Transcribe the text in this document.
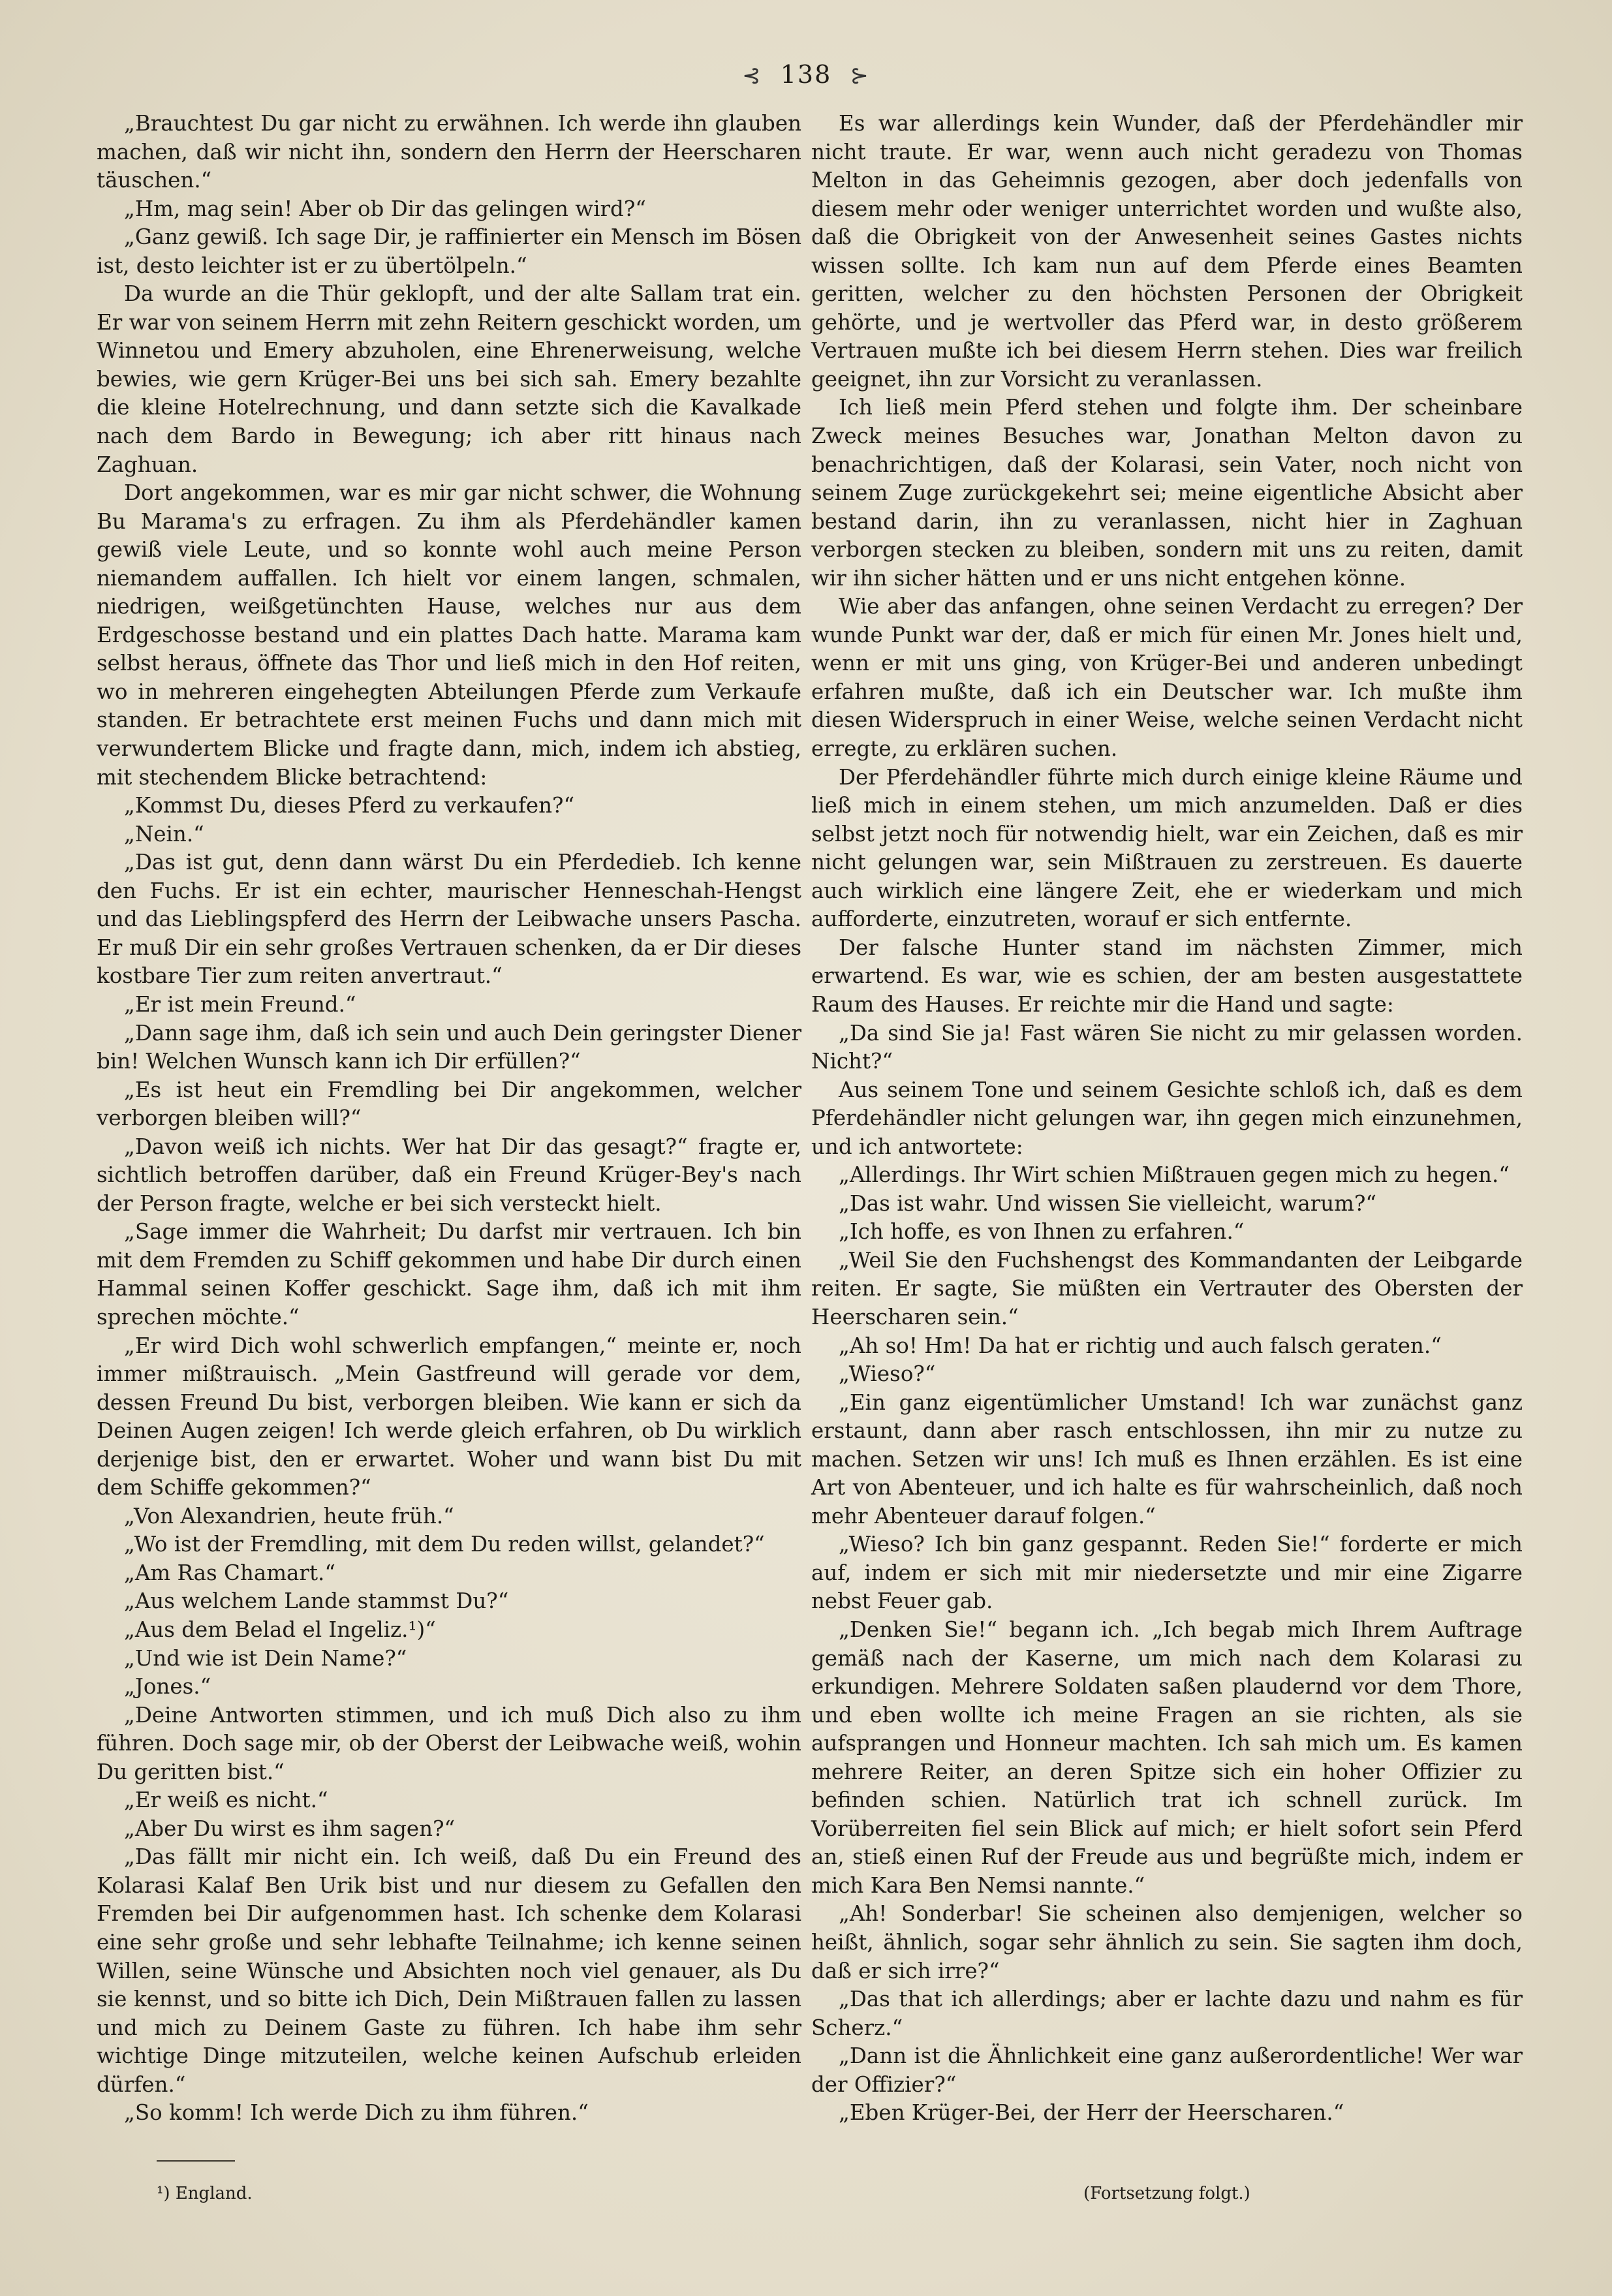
⊰ 138 ⊱

„Brauchtest Du gar nicht zu erwähnen. Ich werde ihn glauben machen, daß wir nicht ihn, sondern den Herrn der Heerscharen täuschen.“

„Hm, mag sein! Aber ob Dir das gelingen wird?“

„Ganz gewiß. Ich sage Dir, je raffinierter ein Mensch im Bösen ist, desto leichter ist er zu übertölpeln.“

Da wurde an die Thür geklopft, und der alte Sallam trat ein. Er war von seinem Herrn mit zehn Reitern geschickt worden, um Winnetou und Emery abzuholen, eine Ehrenerweisung, welche bewies, wie gern Krüger-Bei uns bei sich sah. Emery bezahlte die kleine Hotelrechnung, und dann setzte sich die Kavalkade nach dem Bardo in Bewegung; ich aber ritt hinaus nach Zaghuan.

Dort angekommen, war es mir gar nicht schwer, die Wohnung Bu Marama's zu erfragen. Zu ihm als Pferdehändler kamen gewiß viele Leute, und so konnte wohl auch meine Person niemandem auffallen. Ich hielt vor einem langen, schmalen, niedrigen, weißgetünchten Hause, welches nur aus dem Erdgeschosse bestand und ein plattes Dach hatte. Marama kam selbst heraus, öffnete das Thor und ließ mich in den Hof reiten, wo in mehreren eingehegten Abteilungen Pferde zum Verkaufe standen. Er betrachtete erst meinen Fuchs und dann mich mit verwundertem Blicke und fragte dann, mich, indem ich abstieg, mit stechendem Blicke betrachtend:

„Kommst Du, dieses Pferd zu verkaufen?“

„Nein.“

„Das ist gut, denn dann wärst Du ein Pferdedieb. Ich kenne den Fuchs. Er ist ein echter, maurischer Henneschah-Hengst und das Lieblingspferd des Herrn der Leibwache unsers Pascha. Er muß Dir ein sehr großes Vertrauen schenken, da er Dir dieses kostbare Tier zum reiten anvertraut.“

„Er ist mein Freund.“

„Dann sage ihm, daß ich sein und auch Dein geringster Diener bin! Welchen Wunsch kann ich Dir erfüllen?“

„Es ist heut ein Fremdling bei Dir angekommen, welcher verborgen bleiben will?“

„Davon weiß ich nichts. Wer hat Dir das gesagt?“ fragte er, sichtlich betroffen darüber, daß ein Freund Krüger-Bey's nach der Person fragte, welche er bei sich versteckt hielt.

„Sage immer die Wahrheit; Du darfst mir vertrauen. Ich bin mit dem Fremden zu Schiff gekommen und habe Dir durch einen Hammal seinen Koffer geschickt. Sage ihm, daß ich mit ihm sprechen möchte.“

„Er wird Dich wohl schwerlich empfangen,“ meinte er, noch immer mißtrauisch. „Mein Gastfreund will gerade vor dem, dessen Freund Du bist, verborgen bleiben. Wie kann er sich da Deinen Augen zeigen! Ich werde gleich erfahren, ob Du wirklich derjenige bist, den er erwartet. Woher und wann bist Du mit dem Schiffe gekommen?“

„Von Alexandrien, heute früh.“

„Wo ist der Fremdling, mit dem Du reden willst, gelandet?“

„Am Ras Chamart.“

„Aus welchem Lande stammst Du?“

„Aus dem Belad el Ingeliz.¹)“

„Und wie ist Dein Name?“

„Jones.“

„Deine Antworten stimmen, und ich muß Dich also zu ihm führen. Doch sage mir, ob der Oberst der Leibwache weiß, wohin Du geritten bist.“

„Er weiß es nicht.“

„Aber Du wirst es ihm sagen?“

„Das fällt mir nicht ein. Ich weiß, daß Du ein Freund des Kolarasi Kalaf Ben Urik bist und nur diesem zu Gefallen den Fremden bei Dir aufgenommen hast. Ich schenke dem Kolarasi eine sehr große und sehr lebhafte Teilnahme; ich kenne seinen Willen, seine Wünsche und Absichten noch viel genauer, als Du sie kennst, und so bitte ich Dich, Dein Mißtrauen fallen zu lassen und mich zu Deinem Gaste zu führen. Ich habe ihm sehr wichtige Dinge mitzuteilen, welche keinen Aufschub erleiden dürfen.“

„So komm! Ich werde Dich zu ihm führen.“

Es war allerdings kein Wunder, daß der Pferdehändler mir nicht traute. Er war, wenn auch nicht geradezu von Thomas Melton in das Geheimnis gezogen, aber doch jedenfalls von diesem mehr oder weniger unterrichtet worden und wußte also, daß die Obrigkeit von der Anwesenheit seines Gastes nichts wissen sollte. Ich kam nun auf dem Pferde eines Beamten geritten, welcher zu den höchsten Personen der Obrigkeit gehörte, und je wertvoller das Pferd war, in desto größerem Vertrauen mußte ich bei diesem Herrn stehen. Dies war freilich geeignet, ihn zur Vorsicht zu veranlassen.

Ich ließ mein Pferd stehen und folgte ihm. Der scheinbare Zweck meines Besuches war, Jonathan Melton davon zu benachrichtigen, daß der Kolarasi, sein Vater, noch nicht von seinem Zuge zurückgekehrt sei; meine eigentliche Absicht aber bestand darin, ihn zu veranlassen, nicht hier in Zaghuan verborgen stecken zu bleiben, sondern mit uns zu reiten, damit wir ihn sicher hätten und er uns nicht entgehen könne.

Wie aber das anfangen, ohne seinen Verdacht zu erregen? Der wunde Punkt war der, daß er mich für einen Mr. Jones hielt und, wenn er mit uns ging, von Krüger-Bei und anderen unbedingt erfahren mußte, daß ich ein Deutscher war. Ich mußte ihm diesen Widerspruch in einer Weise, welche seinen Verdacht nicht erregte, zu erklären suchen.

Der Pferdehändler führte mich durch einige kleine Räume und ließ mich in einem stehen, um mich anzumelden. Daß er dies selbst jetzt noch für notwendig hielt, war ein Zeichen, daß es mir nicht gelungen war, sein Mißtrauen zu zerstreuen. Es dauerte auch wirklich eine längere Zeit, ehe er wiederkam und mich aufforderte, einzutreten, worauf er sich entfernte.

Der falsche Hunter stand im nächsten Zimmer, mich erwartend. Es war, wie es schien, der am besten ausgestattete Raum des Hauses. Er reichte mir die Hand und sagte:

„Da sind Sie ja! Fast wären Sie nicht zu mir gelassen worden. Nicht?“

Aus seinem Tone und seinem Gesichte schloß ich, daß es dem Pferdehändler nicht gelungen war, ihn gegen mich einzunehmen, und ich antwortete:

„Allerdings. Ihr Wirt schien Mißtrauen gegen mich zu hegen.“

„Das ist wahr. Und wissen Sie vielleicht, warum?“

„Ich hoffe, es von Ihnen zu erfahren.“

„Weil Sie den Fuchshengst des Kommandanten der Leibgarde reiten. Er sagte, Sie müßten ein Vertrauter des Obersten der Heerscharen sein.“

„Ah so! Hm! Da hat er richtig und auch falsch geraten.“

„Wieso?“

„Ein ganz eigentümlicher Umstand! Ich war zunächst ganz erstaunt, dann aber rasch entschlossen, ihn mir zu nutze zu machen. Setzen wir uns! Ich muß es Ihnen erzählen. Es ist eine Art von Abenteuer, und ich halte es für wahrscheinlich, daß noch mehr Abenteuer darauf folgen.“

„Wieso? Ich bin ganz gespannt. Reden Sie!“ forderte er mich auf, indem er sich mit mir niedersetzte und mir eine Zigarre nebst Feuer gab.

„Denken Sie!“ begann ich. „Ich begab mich Ihrem Auftrage gemäß nach der Kaserne, um mich nach dem Kolarasi zu erkundigen. Mehrere Soldaten saßen plaudernd vor dem Thore, und eben wollte ich meine Fragen an sie richten, als sie aufsprangen und Honneur machten. Ich sah mich um. Es kamen mehrere Reiter, an deren Spitze sich ein hoher Offizier zu befinden schien. Natürlich trat ich schnell zurück. Im Vorüberreiten fiel sein Blick auf mich; er hielt sofort sein Pferd an, stieß einen Ruf der Freude aus und begrüßte mich, indem er mich Kara Ben Nemsi nannte.“

„Ah! Sonderbar! Sie scheinen also demjenigen, welcher so heißt, ähnlich, sogar sehr ähnlich zu sein. Sie sagten ihm doch, daß er sich irre?“

„Das that ich allerdings; aber er lachte dazu und nahm es für Scherz.“

„Dann ist die Ähnlichkeit eine ganz außerordentliche! Wer war der Offizier?“

„Eben Krüger-Bei, der Herr der Heerscharen.“

¹) England.	(Fortsetzung folgt.)
